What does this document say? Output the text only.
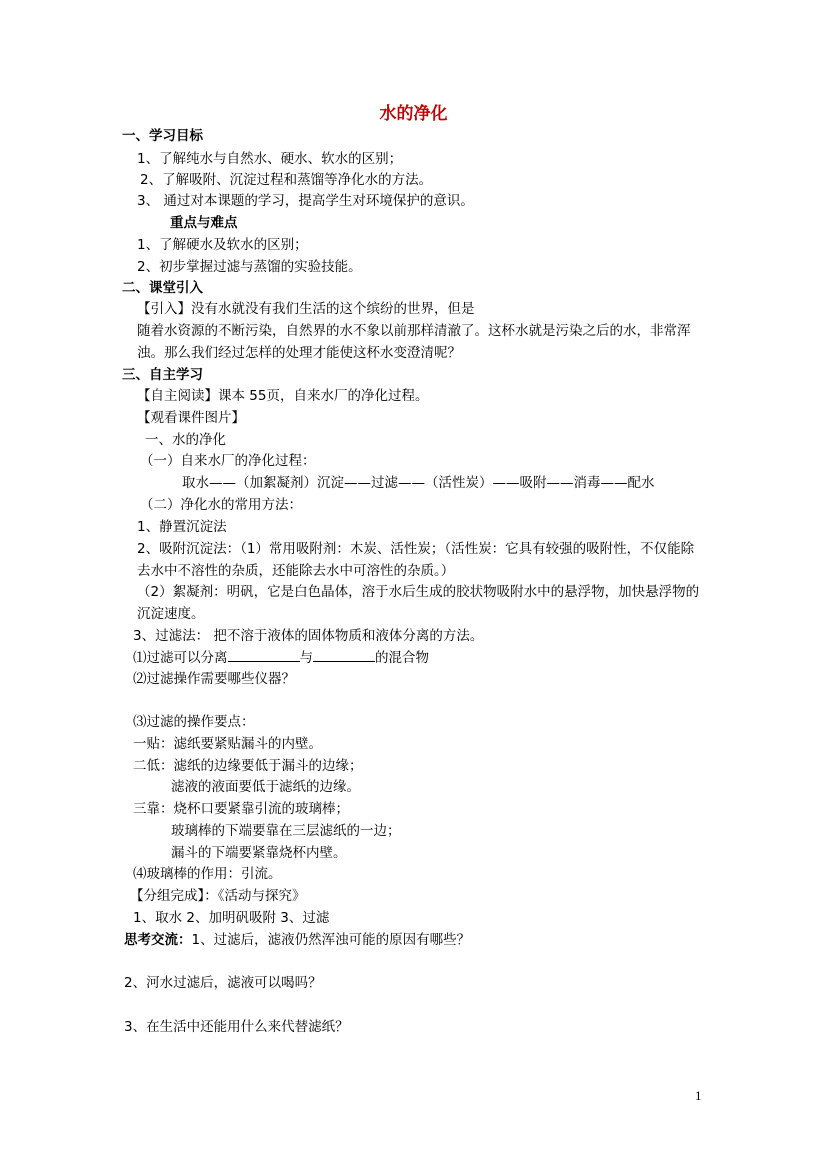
水的净化
一、学习目标
1、了解纯水与自然水、硬水、软水的区别；
2、了解吸附、沉淀过程和蒸馏等净化水的方法。
3、 通过对本课题的学习，提高学生对环境保护的意识。
重点与难点
1、了解硬水及软水的区别；
2、初步掌握过滤与蒸馏的实验技能。
二、课堂引入
【引入】没有水就没有我们生活的这个缤纷的世界，但是
随着水资源的不断污染，自然界的水不象以前那样清澈了。这杯水就是污染之后的水，非常浑
浊。那么我们经过怎样的处理才能使这杯水变澄清呢？
三、自主学习
【自主阅读】课本 55页，自来水厂的净化过程。
【观看课件图片】
一、水的净化
（一）自来水厂的净化过程：
取水——（加絮凝剂）沉淀——过滤——（活性炭）——吸附——消毒——配水
（二）净化水的常用方法：
1、静置沉淀法
2、吸附沉淀法：（1）常用吸附剂：木炭、活性炭；（活性炭：它具有较强的吸附性，不仅能除
去水中不溶性的杂质，还能除去水中可溶性的杂质。）
（2）絮凝剂：明矾，它是白色晶体，溶于水后生成的胶状物吸附水中的悬浮物，加快悬浮物的
沉淀速度。
3、过滤法： 把不溶于液体的固体物质和液体分离的方法。
⑴过滤可以分离	与	的混合物
⑵过滤操作需要哪些仪器？
⑶过滤的操作要点：
一贴：滤纸要紧贴漏斗的内壁。
二低：滤纸的边缘要低于漏斗的边缘；
滤液的液面要低于滤纸的边缘。
三靠：烧杯口要紧靠引流的玻璃棒；
玻璃棒的下端要靠在三层滤纸的一边；
漏斗的下端要紧靠烧杯内壁。
⑷玻璃棒的作用：引流。
【分组完成】：《活动与探究》
1、取水 2、加明矾吸附 3、过滤
思考交流：1、过滤后，滤液仍然浑浊可能的原因有哪些？
2、河水过滤后，滤液可以喝吗？
3、在生活中还能用什么来代替滤纸？
1
